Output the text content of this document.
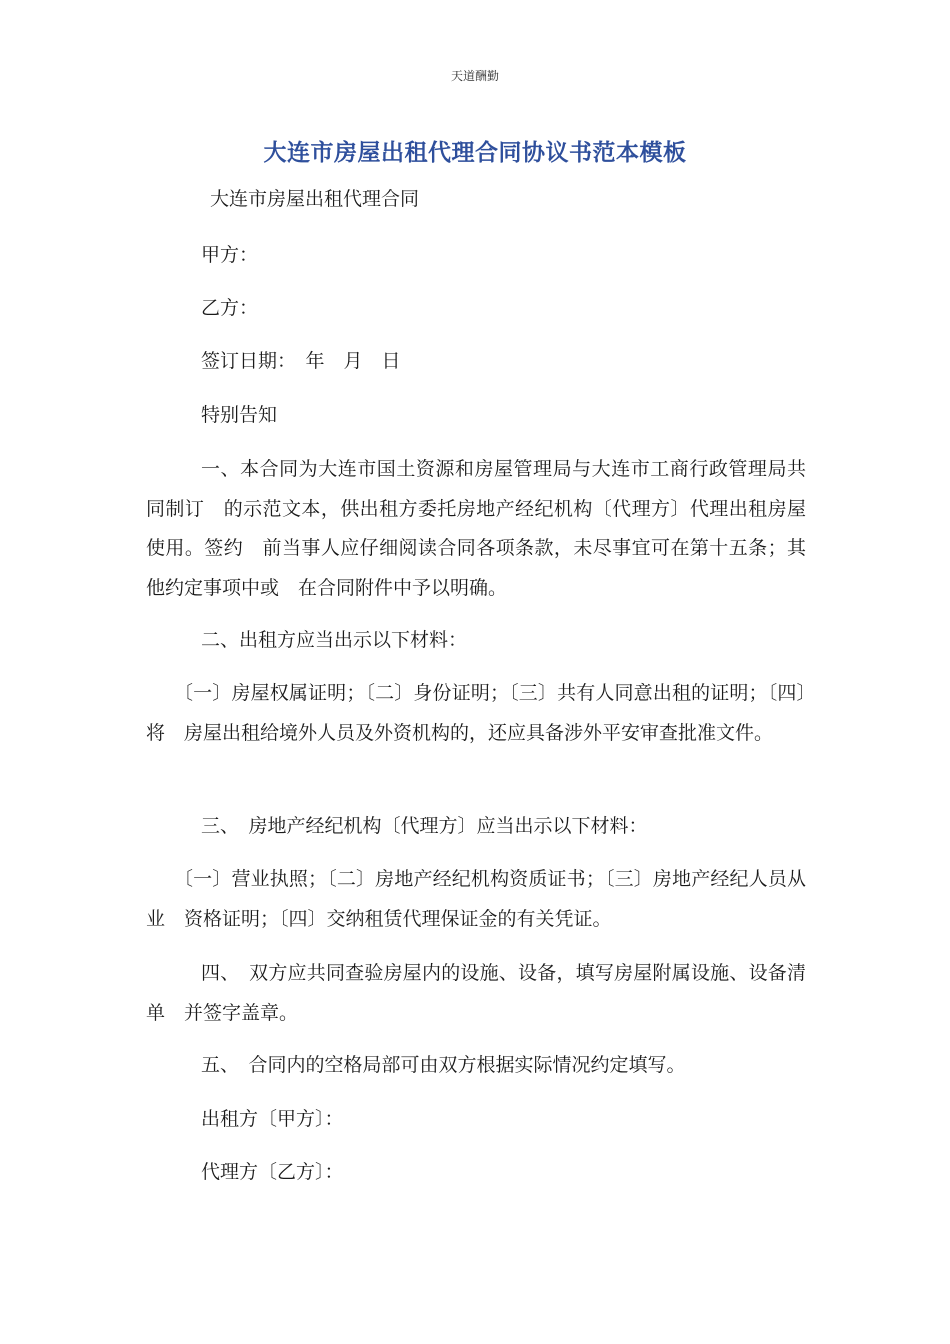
天道酬勤
大连市房屋出租代理合同协议书范本模板
大连市房屋出租代理合同
甲方：
乙方：
签订日期：　年　月　日
特别告知
一、本合同为大连市国土资源和房屋管理局与大连市工商行政管理局共同制订　的示范文本，供出租方委托房地产经纪机构〔代理方〕代理出租房屋使用。签约　前当事人应仔细阅读合同各项条款，未尽事宜可在第十五条；其他约定事项中或　在合同附件中予以明确。
二、出租方应当出示以下材料：
〔一〕房屋权属证明；〔二〕身份证明；〔三〕共有人同意出租的证明；〔四〕将　房屋出租给境外人员及外资机构的，还应具备涉外平安审查批准文件。
三、　房地产经纪机构〔代理方〕应当出示以下材料：
〔一〕营业执照；〔二〕房地产经纪机构资质证书；〔三〕房地产经纪人员从业　资格证明；〔四〕交纳租赁代理保证金的有关凭证。
四、　双方应共同查验房屋内的设施、设备，填写房屋附属设施、设备清单　并签字盖章。
五、　合同内的空格局部可由双方根据实际情况约定填写。
出租方〔甲方〕：
代理方〔乙方〕：
